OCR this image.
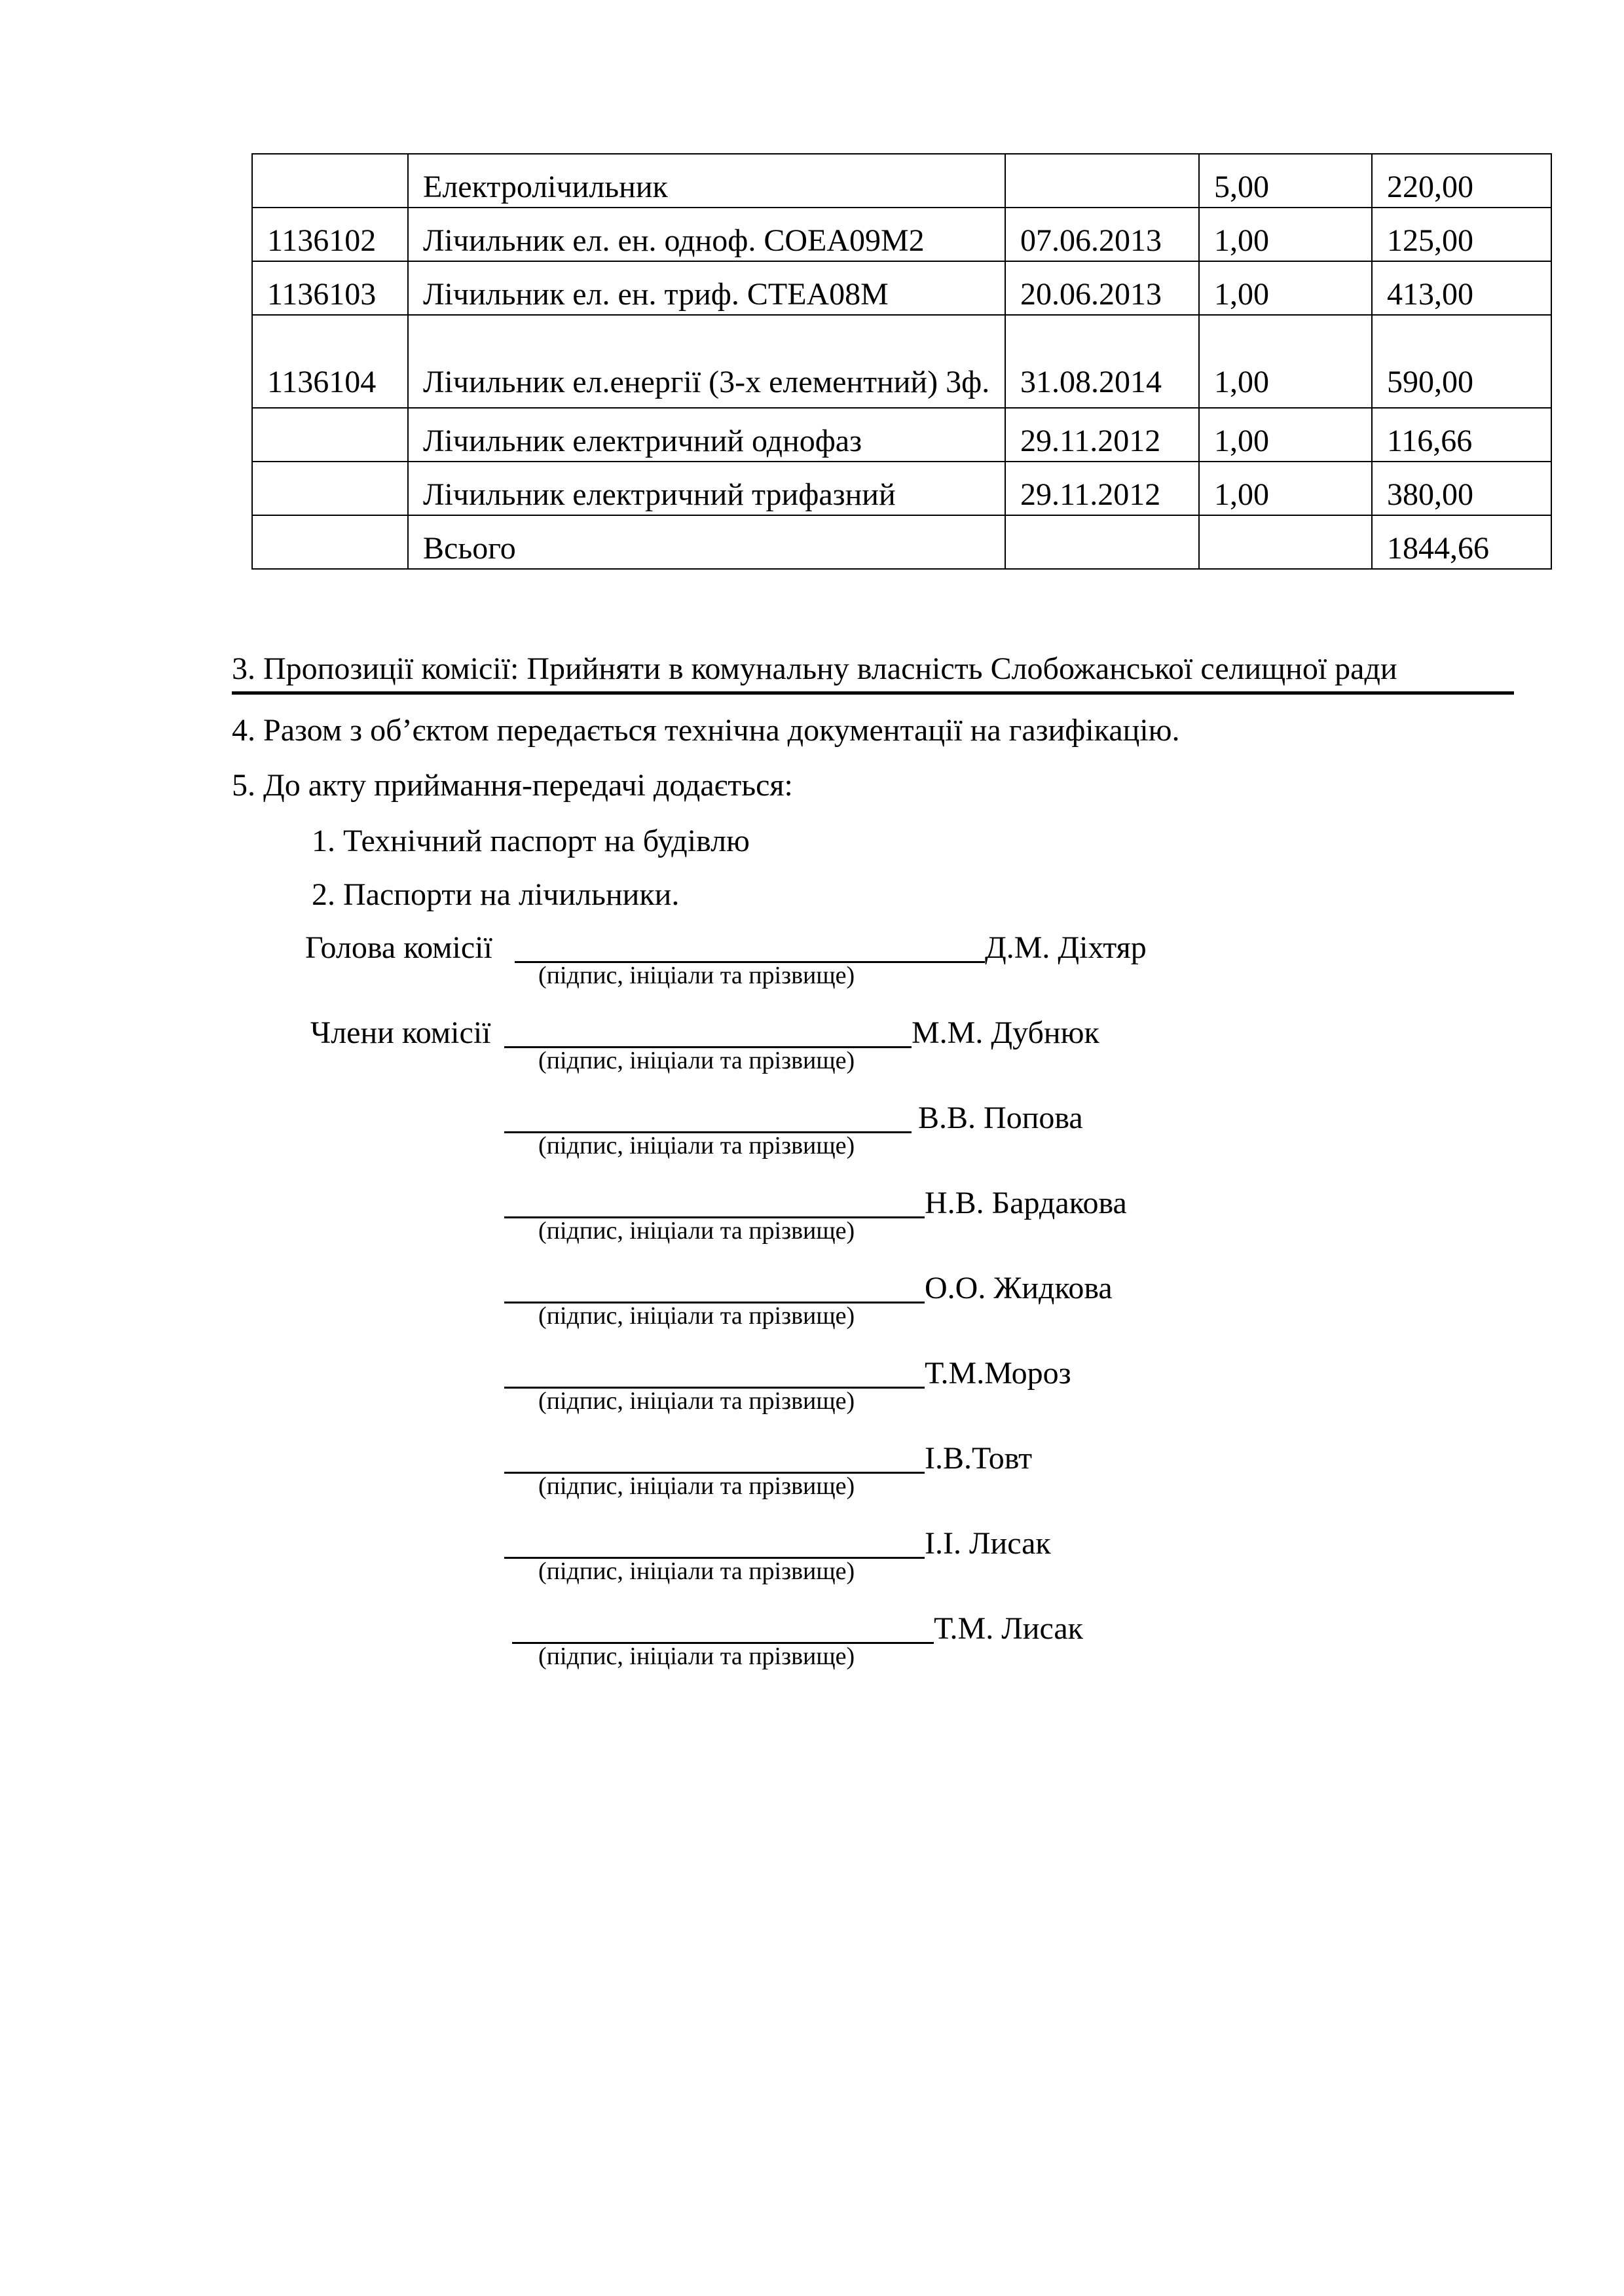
	Електролічильник		5,00	220,00
1136102	Лічильник ел. ен. одноф. СОЕА09М2	07.06.2013	1,00	125,00
1136103	Лічильник ел. ен. триф. СТЕА08М	20.06.2013	1,00	413,00
1136104	Лічильник ел.енергії (3-х елементний) 3ф.	31.08.2014	1,00	590,00
	Лічильник електричний однофаз	29.11.2012	1,00	116,66
	Лічильник електричний трифазний	29.11.2012	1,00	380,00
	Всього			1844,66
3. Пропозиції комісії: Прийняти в комунальну власність Слобожанської селищної ради
4. Разом з об’єктом передається технічна документації на газифікацію.
5. До акту приймання-передачі додається:
1. Технічний паспорт на будівлю
2. Паспорти на лічильники.
Голова комісії	Д.М. Діхтяр
(підпис, ініціали та прізвище)
Члени комісії	М.М. Дубнюк
(підпис, ініціали та прізвище)
В.В. Попова
(підпис, ініціали та прізвище)
Н.В. Бардакова
(підпис, ініціали та прізвище)
О.О. Жидкова
(підпис, ініціали та прізвище)
Т.М.Мороз
(підпис, ініціали та прізвище)
І.В.Товт
(підпис, ініціали та прізвище)
І.І. Лисак
(підпис, ініціали та прізвище)
Т.М. Лисак
(підпис, ініціали та прізвище)
